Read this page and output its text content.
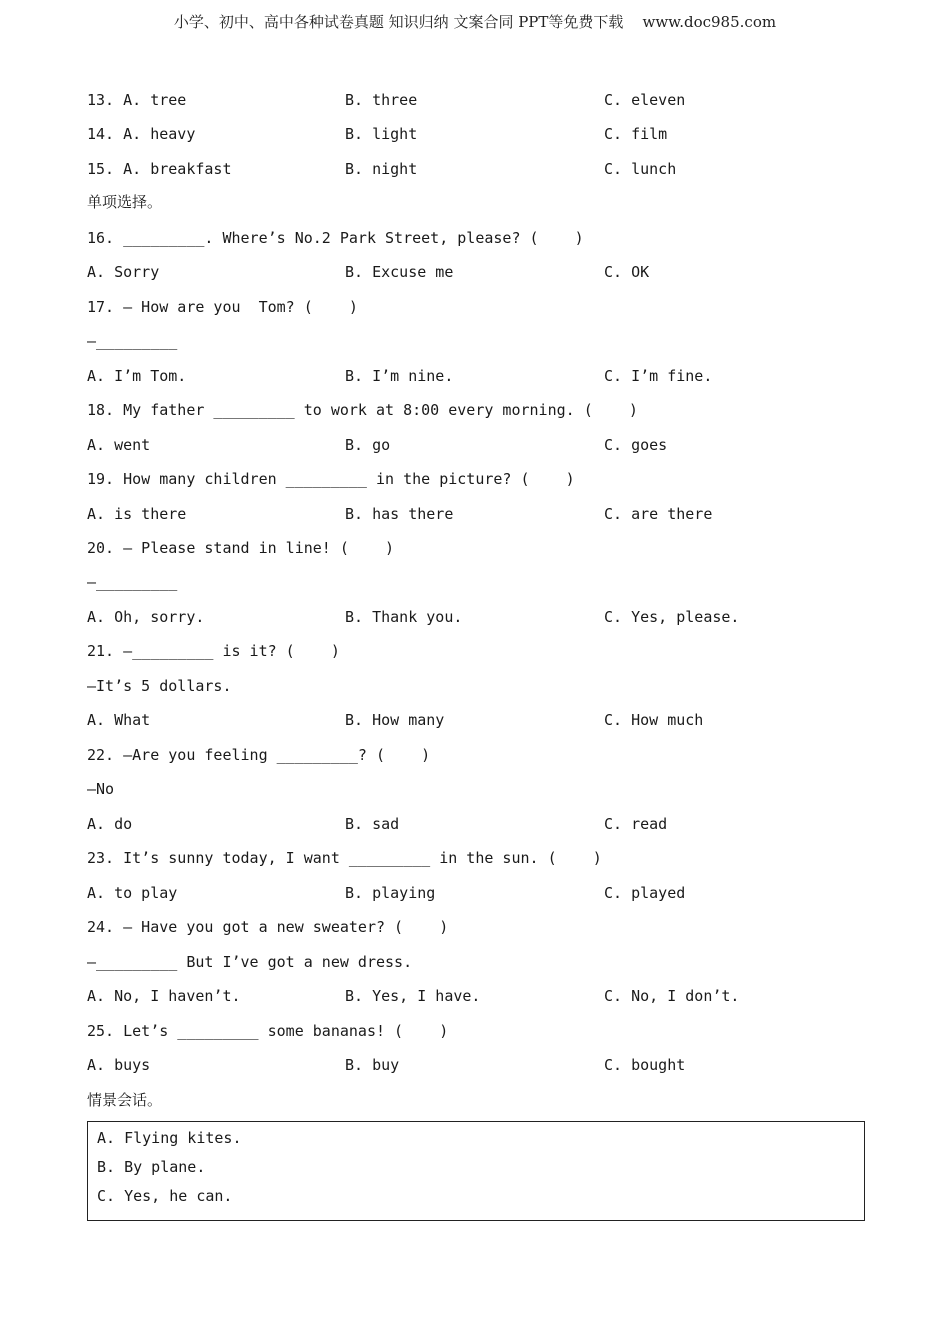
小学、初中、高中各种试卷真题 知识归纳 文案合同 PPT等免费下载    www.doc985.com
13. A. tree	B. three	C. eleven
14. A. heavy	B. light	C. film
15. A. breakfast	B. night	C. lunch
单项选择。
16. _________. Where’s No.2 Park Street, please? (    )
A. Sorry	B. Excuse me	C. OK
17. — How are you  Tom? (    )
—_________
A. I’m Tom.	B. I’m nine.	C. I’m fine.
18. My father _________ to work at 8:00 every morning. (    )
A. went	B. go	C. goes
19. How many children _________ in the picture? (    )
A. is there	B. has there	C. are there
20. — Please stand in line! (    )
—_________
A. Oh, sorry.	B. Thank you.	C. Yes, please.
21. —_________ is it? (    )
—It’s 5 dollars.
A. What	B. How many	C. How much
22. —Are you feeling _________? (    )
—No
A. do	B. sad	C. read
23. It’s sunny today, I want _________ in the sun. (    )
A. to play	B. playing	C. played
24. — Have you got a new sweater? (    )
—_________ But I’ve got a new dress.
A. No, I haven’t.	B. Yes, I have.	C. No, I don’t.
25. Let’s _________ some bananas! (    )
A. buys	B. buy	C. bought
情景会话。
A. Flying kites.
B. By plane.
C. Yes, he can.
